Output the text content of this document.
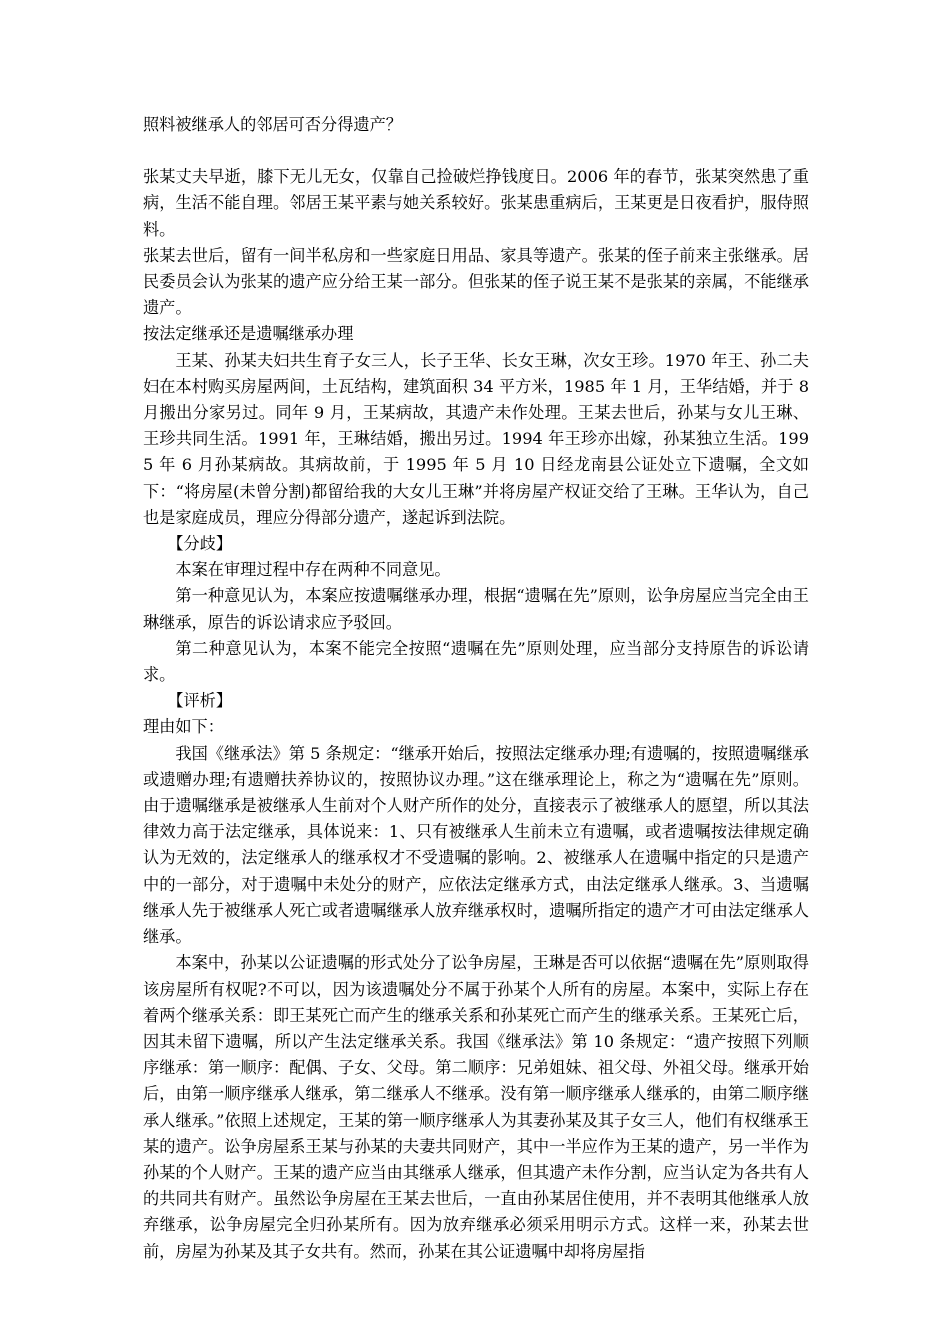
照料被继承人的邻居可否分得遗产？

张某丈夫早逝，膝下无儿无女，仅靠自己捡破烂挣钱度日。2006 年的春节，张某突然患了重病，生活不能自理。邻居王某平素与她关系较好。张某患重病后，王某更是日夜看护，服侍照料。

张某去世后，留有一间半私房和一些家庭日用品、家具等遗产。张某的侄子前来主张继承。居民委员会认为张某的遗产应分给王某一部分。但张某的侄子说王某不是张某的亲属，不能继承遗产。

按法定继承还是遗嘱继承办理

王某、孙某夫妇共生育子女三人，长子王华、长女王琳，次女王珍。1970 年王、孙二夫妇在本村购买房屋两间，土瓦结构，建筑面积 34 平方米，1985 年 1 月，王华结婚，并于 8 月搬出分家另过。同年 9 月，王某病故，其遗产未作处理。王某去世后，孙某与女儿王琳、王珍共同生活。1991 年，王琳结婚，搬出另过。1994 年王珍亦出嫁，孙某独立生活。1995 年 6 月孙某病故。其病故前，于 1995 年 5 月 10 日经龙南县公证处立下遗嘱，全文如下：“将房屋(未曾分割)都留给我的大女儿王琳”并将房屋产权证交给了王琳。王华认为，自己也是家庭成员，理应分得部分遗产，遂起诉到法院。

【分歧】

本案在审理过程中存在两种不同意见。

第一种意见认为，本案应按遗嘱继承办理，根据“遗嘱在先”原则，讼争房屋应当完全由王琳继承，原告的诉讼请求应予驳回。

第二种意见认为，本案不能完全按照“遗嘱在先”原则处理，应当部分支持原告的诉讼请求。

【评析】

理由如下：

我国《继承法》第 5 条规定：“继承开始后，按照法定继承办理;有遗嘱的，按照遗嘱继承或遗赠办理;有遗赠扶养协议的，按照协议办理。”这在继承理论上，称之为“遗嘱在先”原则。由于遗嘱继承是被继承人生前对个人财产所作的处分，直接表示了被继承人的愿望，所以其法律效力高于法定继承，具体说来：1、只有被继承人生前未立有遗嘱，或者遗嘱按法律规定确认为无效的，法定继承人的继承权才不受遗嘱的影响。2、被继承人在遗嘱中指定的只是遗产中的一部分，对于遗嘱中未处分的财产，应依法定继承方式，由法定继承人继承。3、当遗嘱继承人先于被继承人死亡或者遗嘱继承人放弃继承权时，遗嘱所指定的遗产才可由法定继承人继承。

本案中，孙某以公证遗嘱的形式处分了讼争房屋，王琳是否可以依据“遗嘱在先”原则取得该房屋所有权呢?不可以，因为该遗嘱处分不属于孙某个人所有的房屋。本案中，实际上存在着两个继承关系：即王某死亡而产生的继承关系和孙某死亡而产生的继承关系。王某死亡后，因其未留下遗嘱，所以产生法定继承关系。我国《继承法》第 10 条规定：“遗产按照下列顺序继承：第一顺序：配偶、子女、父母。第二顺序：兄弟姐妹、祖父母、外祖父母。继承开始后，由第一顺序继承人继承，第二继承人不继承。没有第一顺序继承人继承的，由第二顺序继承人继承。”依照上述规定，王某的第一顺序继承人为其妻孙某及其子女三人，他们有权继承王某的遗产。讼争房屋系王某与孙某的夫妻共同财产，其中一半应作为王某的遗产，另一半作为孙某的个人财产。王某的遗产应当由其继承人继承，但其遗产未作分割，应当认定为各共有人的共同共有财产。虽然讼争房屋在王某去世后，一直由孙某居住使用，并不表明其他继承人放弃继承，讼争房屋完全归孙某所有。因为放弃继承必须采用明示方式。这样一来，孙某去世前，房屋为孙某及其子女共有。然而，孙某在其公证遗嘱中却将房屋指
